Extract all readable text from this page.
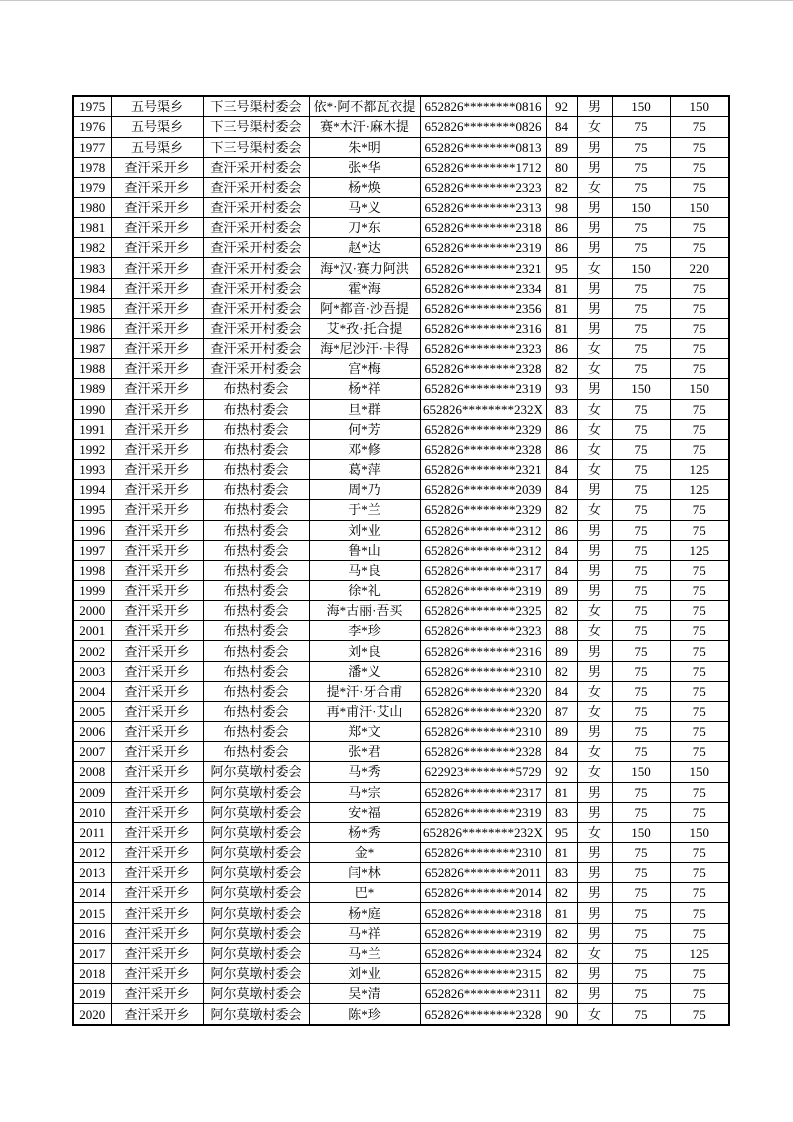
1975	五号渠乡	下三号渠村委会	依*·阿不都瓦衣提	652826********0816	92	男	150	150
1976	五号渠乡	下三号渠村委会	赛*木汗·麻木提	652826********0826	84	女	75	75
1977	五号渠乡	下三号渠村委会	朱*明	652826********0813	89	男	75	75
1978	查汗采开乡	查汗采开村委会	张*华	652826********1712	80	男	75	75
1979	查汗采开乡	查汗采开村委会	杨*焕	652826********2323	82	女	75	75
1980	查汗采开乡	查汗采开村委会	马*义	652826********2313	98	男	150	150
1981	查汗采开乡	查汗采开村委会	刀*东	652826********2318	86	男	75	75
1982	查汗采开乡	查汗采开村委会	赵*达	652826********2319	86	男	75	75
1983	查汗采开乡	查汗采开村委会	海*汉·赛力阿洪	652826********2321	95	女	150	220
1984	查汗采开乡	查汗采开村委会	霍*海	652826********2334	81	男	75	75
1985	查汗采开乡	查汗采开村委会	阿*都音·沙吾提	652826********2356	81	男	75	75
1986	查汗采开乡	查汗采开村委会	艾*孜·托合提	652826********2316	81	男	75	75
1987	查汗采开乡	查汗采开村委会	海*尼沙汗·卡得	652826********2323	86	女	75	75
1988	查汗采开乡	查汗采开村委会	宫*梅	652826********2328	82	女	75	75
1989	查汗采开乡	布热村委会	杨*祥	652826********2319	93	男	150	150
1990	查汗采开乡	布热村委会	旦*群	652826********232X	83	女	75	75
1991	查汗采开乡	布热村委会	何*芳	652826********2329	86	女	75	75
1992	查汗采开乡	布热村委会	邓*修	652826********2328	86	女	75	75
1993	查汗采开乡	布热村委会	葛*萍	652826********2321	84	女	75	125
1994	查汗采开乡	布热村委会	周*乃	652826********2039	84	男	75	125
1995	查汗采开乡	布热村委会	于*兰	652826********2329	82	女	75	75
1996	查汗采开乡	布热村委会	刘*业	652826********2312	86	男	75	75
1997	查汗采开乡	布热村委会	鲁*山	652826********2312	84	男	75	125
1998	查汗采开乡	布热村委会	马*良	652826********2317	84	男	75	75
1999	查汗采开乡	布热村委会	徐*礼	652826********2319	89	男	75	75
2000	查汗采开乡	布热村委会	海*古丽·吾买	652826********2325	82	女	75	75
2001	查汗采开乡	布热村委会	李*珍	652826********2323	88	女	75	75
2002	查汗采开乡	布热村委会	刘*良	652826********2316	89	男	75	75
2003	查汗采开乡	布热村委会	潘*义	652826********2310	82	男	75	75
2004	查汗采开乡	布热村委会	提*汗·牙合甫	652826********2320	84	女	75	75
2005	查汗采开乡	布热村委会	再*甫汗·艾山	652826********2320	87	女	75	75
2006	查汗采开乡	布热村委会	郑*文	652826********2310	89	男	75	75
2007	查汗采开乡	布热村委会	张*君	652826********2328	84	女	75	75
2008	查汗采开乡	阿尔莫墩村委会	马*秀	622923********5729	92	女	150	150
2009	查汗采开乡	阿尔莫墩村委会	马*宗	652826********2317	81	男	75	75
2010	查汗采开乡	阿尔莫墩村委会	安*福	652826********2319	83	男	75	75
2011	查汗采开乡	阿尔莫墩村委会	杨*秀	652826********232X	95	女	150	150
2012	查汗采开乡	阿尔莫墩村委会	金*	652826********2310	81	男	75	75
2013	查汗采开乡	阿尔莫墩村委会	闫*林	652826********2011	83	男	75	75
2014	查汗采开乡	阿尔莫墩村委会	巴*	652826********2014	82	男	75	75
2015	查汗采开乡	阿尔莫墩村委会	杨*庭	652826********2318	81	男	75	75
2016	查汗采开乡	阿尔莫墩村委会	马*祥	652826********2319	82	男	75	75
2017	查汗采开乡	阿尔莫墩村委会	马*兰	652826********2324	82	女	75	125
2018	查汗采开乡	阿尔莫墩村委会	刘*业	652826********2315	82	男	75	75
2019	查汗采开乡	阿尔莫墩村委会	吴*清	652826********2311	82	男	75	75
2020	查汗采开乡	阿尔莫墩村委会	陈*珍	652826********2328	90	女	75	75
